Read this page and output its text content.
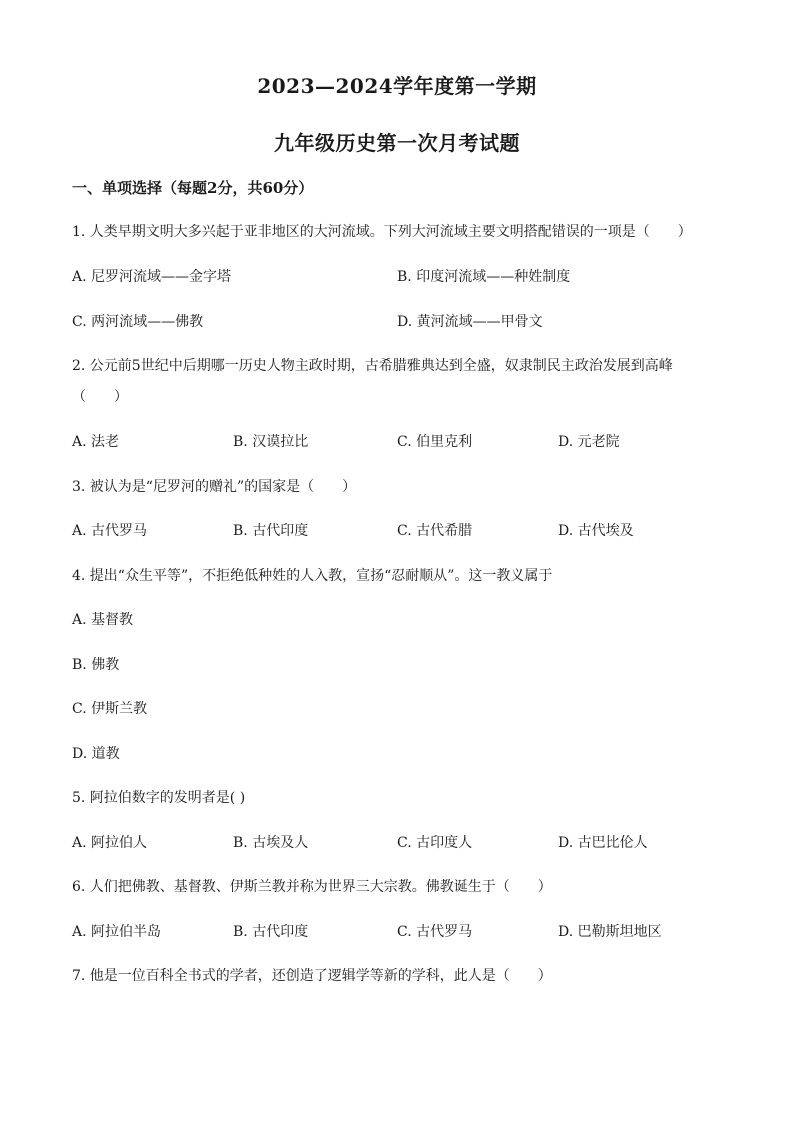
2023—2024学年度第一学期
九年级历史第一次月考试题
一、单项选择（每题2分，共60分）
1. 人类早期文明大多兴起于亚非地区的大河流域。下列大河流域主要文明搭配错误的一项是（　　）
A. 尼罗河流域——金字塔	B. 印度河流域——种姓制度
C. 两河流域——佛教	D. 黄河流域——甲骨文
2. 公元前5世纪中后期哪一历史人物主政时期，古希腊雅典达到全盛，奴隶制民主政治发展到高峰
（　　）
A. 法老	B. 汉谟拉比	C. 伯里克利	D. 元老院
3. 被认为是“尼罗河的赠礼”的国家是（　　）
A. 古代罗马	B. 古代印度	C. 古代希腊	D. 古代埃及
4. 提出“众生平等”，不拒绝低种姓的人入教，宣扬“忍耐顺从”。这一教义属于
A. 基督教
B. 佛教
C. 伊斯兰教
D. 道教
5. 阿拉伯数字的发明者是( )
A. 阿拉伯人	B. 古埃及人	C. 古印度人	D. 古巴比伦人
6. 人们把佛教、基督教、伊斯兰教并称为世界三大宗教。佛教诞生于（　　）
A. 阿拉伯半岛	B. 古代印度	C. 古代罗马	D. 巴勒斯坦地区
7. 他是一位百科全书式的学者，还创造了逻辑学等新的学科，此人是（　　）
